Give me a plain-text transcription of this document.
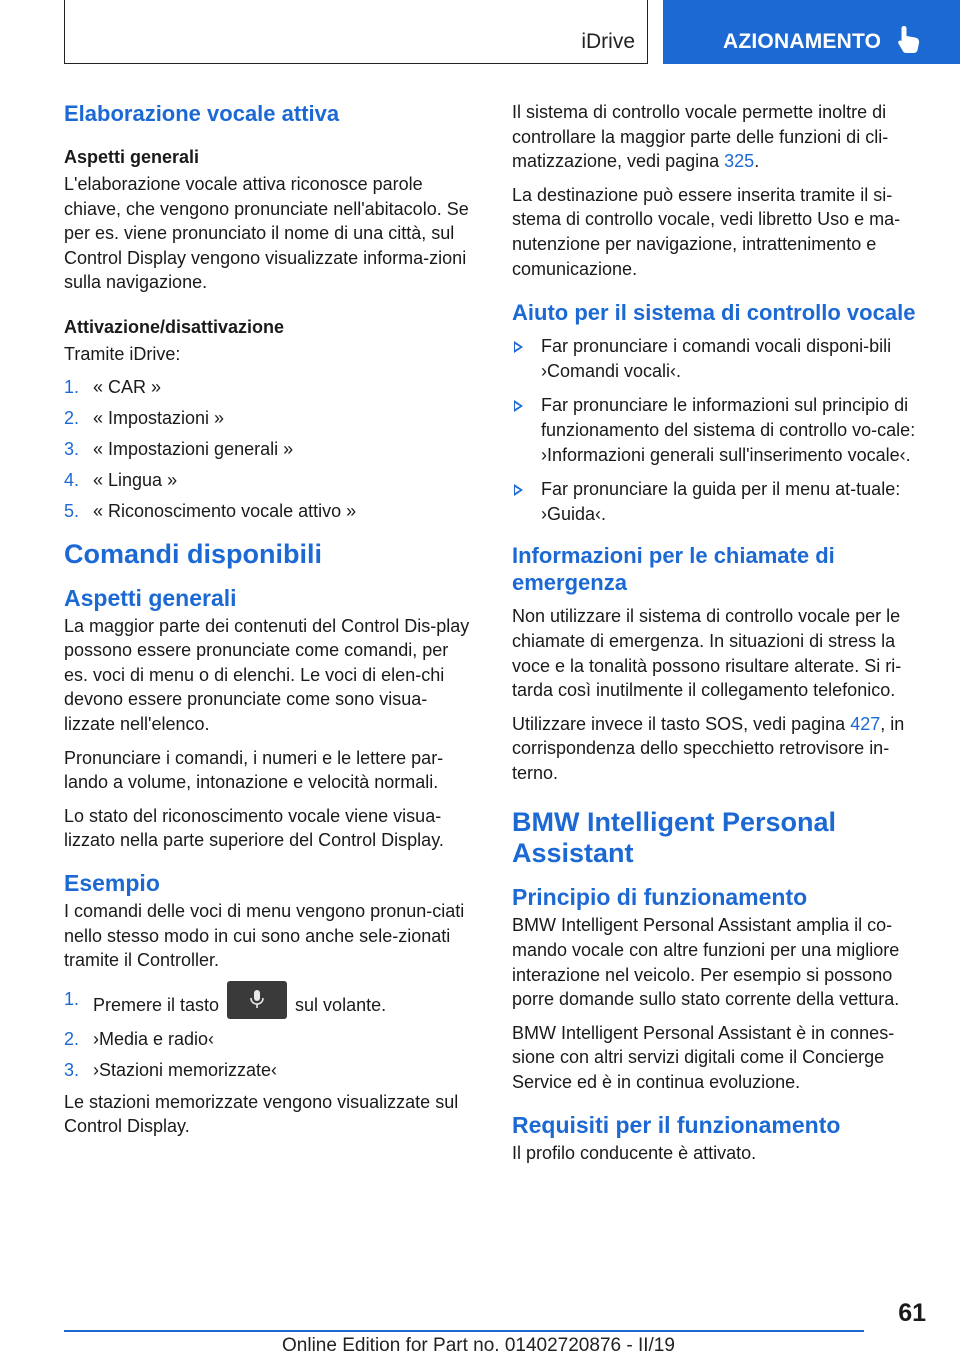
iDrive	AZIONAMENTO
Elaborazione vocale attiva
Aspetti generali

L'elaborazione vocale attiva riconosce parole chiave, che vengono pronunciate nell'abitacolo. Se per es. viene pronunciato il nome di una città, sul Control Display vengono visualizzate informa-zioni sulla navigazione.

Attivazione/disattivazione

Tramite iDrive:

1. « CAR »
2. « Impostazioni »
3. « Impostazioni generali »
4. « Lingua »
5. « Riconoscimento vocale attivo »
Comandi disponibili
Aspetti generali

La maggior parte dei contenuti del Control Dis-play possono essere pronunciate come comandi, per es. voci di menu o di elenchi. Le voci di elen-chi devono essere pronunciate come sono visua-lizzate nell'elenco.

Pronunciare i comandi, i numeri e le lettere par-lando a volume, intonazione e velocità normali.

Lo stato del riconoscimento vocale viene visua-lizzato nella parte superiore del Control Display.

Esempio

I comandi delle voci di menu vengono pronun-ciati nello stesso modo in cui sono anche sele-zionati tramite il Controller.

1. Premere il tasto	sul volante.
2. ›Media e radio‹
3. ›Stazioni memorizzate‹

Le stazioni memorizzate vengono visualizzate sul Control Display.

Il sistema di controllo vocale permette inoltre di controllare la maggior parte delle funzioni di cli-matizzazione, vedi pagina 325.

La destinazione può essere inserita tramite il si-stema di controllo vocale, vedi libretto Uso e ma-nutenzione per navigazione, intrattenimento e comunicazione.

Aiuto per il sistema di controllo vocale
Far pronunciare i comandi vocali disponi-bili ›Comandi vocali‹.
Far pronunciare le informazioni sul principio di funzionamento del sistema di controllo vo-cale: ›Informazioni generali sull'inserimento vocale‹.
Far pronunciare la guida per il menu at-tuale: ›Guida‹.
Informazioni per le chiamate di emergenza

Non utilizzare il sistema di controllo vocale per le chiamate di emergenza. In situazioni di stress la voce e la tonalità possono risultare alterate. Si ri-tarda così inutilmente il collegamento telefonico.

Utilizzare invece il tasto SOS, vedi pagina 427, in corrispondenza dello specchietto retrovisore in-terno.

BMW Intelligent Personal Assistant
Principio di funzionamento

BMW Intelligent Personal Assistant amplia il co-mando vocale con altre funzioni per una migliore interazione nel veicolo. Per esempio si possono porre domande sullo stato corrente della vettura.

BMW Intelligent Personal Assistant è in connes-sione con altri servizi digitali come il Concierge Service ed è in continua evoluzione.

Requisiti per il funzionamento

Il profilo conducente è attivato.

61
Online Edition for Part no. 01402720876 - II/19
